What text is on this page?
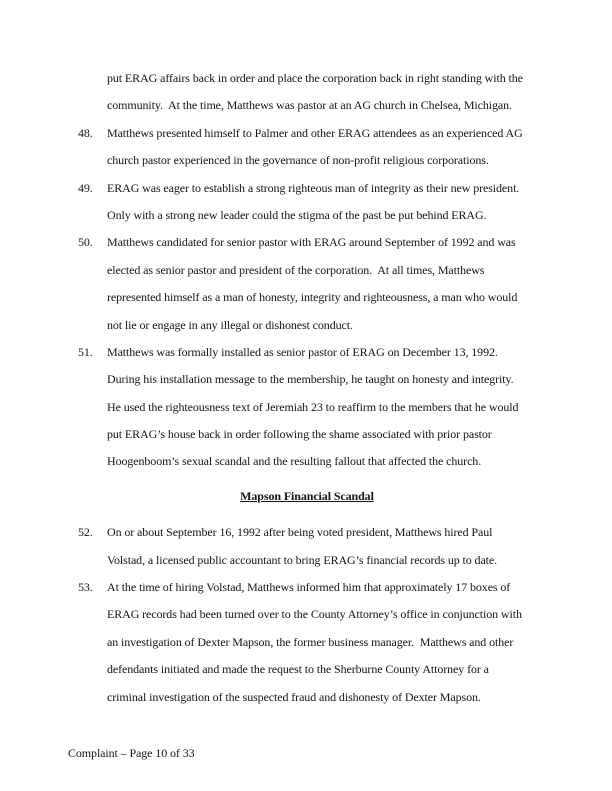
put ERAG affairs back in order and place the corporation back in right standing with the
community.  At the time, Matthews was pastor at an AG church in Chelsea, Michigan.
48. Matthews presented himself to Palmer and other ERAG attendees as an experienced AG
church pastor experienced in the governance of non-profit religious corporations.
49. ERAG was eager to establish a strong righteous man of integrity as their new president.
Only with a strong new leader could the stigma of the past be put behind ERAG.
50. Matthews candidated for senior pastor with ERAG around September of 1992 and was
elected as senior pastor and president of the corporation.  At all times, Matthews
represented himself as a man of honesty, integrity and righteousness, a man who would
not lie or engage in any illegal or dishonest conduct.
51. Matthews was formally installed as senior pastor of ERAG on December 13, 1992.
During his installation message to the membership, he taught on honesty and integrity.
He used the righteousness text of Jeremiah 23 to reaffirm to the members that he would
put ERAG’s house back in order following the shame associated with prior pastor
Hoogenboom’s sexual scandal and the resulting fallout that affected the church.
Mapson Financial Scandal
52. On or about September 16, 1992 after being voted president, Matthews hired Paul
Volstad, a licensed public accountant to bring ERAG’s financial records up to date.
53. At the time of hiring Volstad, Matthews informed him that approximately 17 boxes of
ERAG records had been turned over to the County Attorney’s office in conjunction with
an investigation of Dexter Mapson, the former business manager.  Matthews and other
defendants initiated and made the request to the Sherburne County Attorney for a
criminal investigation of the suspected fraud and dishonesty of Dexter Mapson.
Complaint – Page 10 of 33
